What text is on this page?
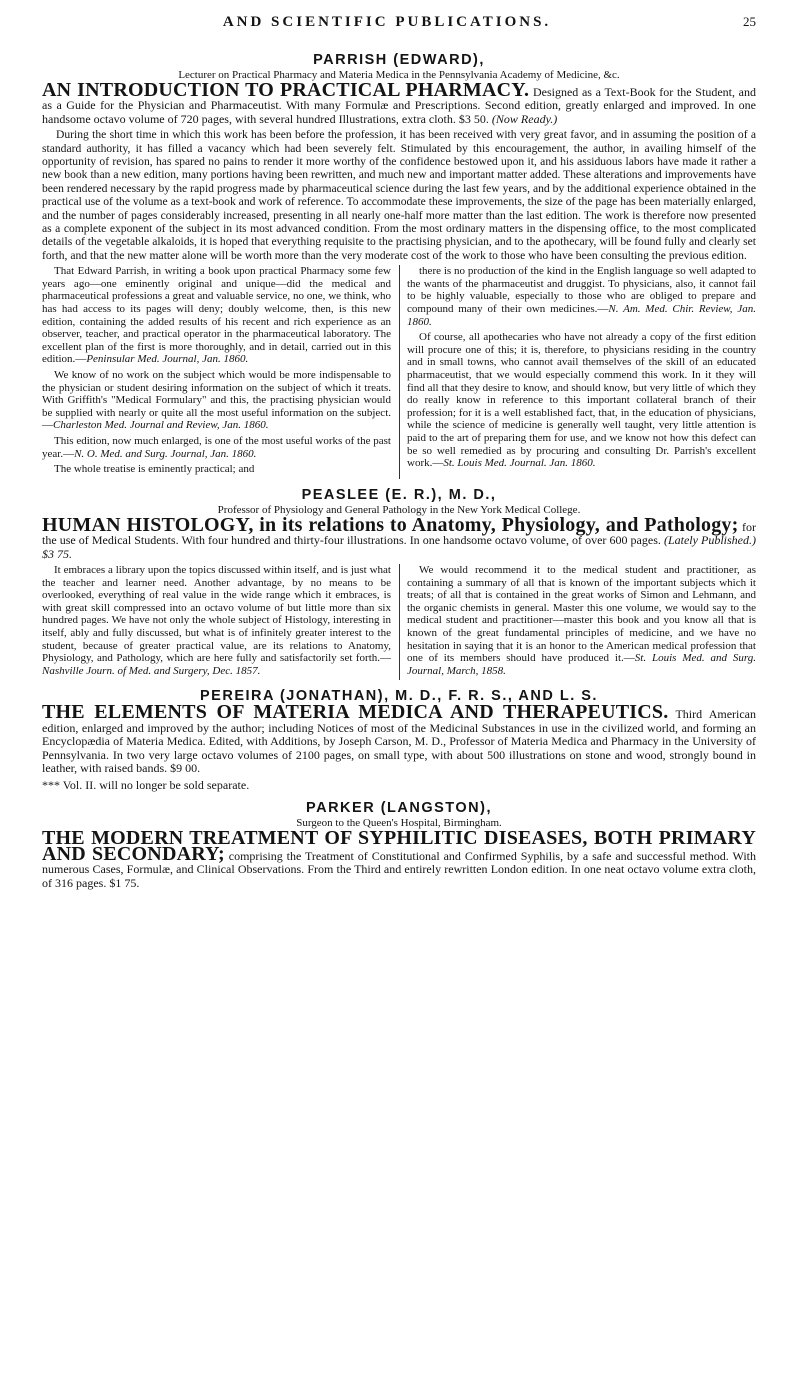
AND SCIENTIFIC PUBLICATIONS.	25
PARRISH (EDWARD),
Lecturer on Practical Pharmacy and Materia Medica in the Pennsylvania Academy of Medicine, &c.
AN INTRODUCTION TO PRACTICAL PHARMACY. Designed as a Text-Book for the Student, and as a Guide for the Physician and Pharmaceutist. With many Formulæ and Prescriptions. Second edition, greatly enlarged and improved. In one handsome octavo volume of 720 pages, with several hundred Illustrations, extra cloth. $3 50. (Now Ready.)
During the short time in which this work has been before the profession, it has been received with very great favor, and in assuming the position of a standard authority, it has filled a vacancy which had been severely felt. Stimulated by this encouragement, the author, in availing himself of the opportunity of revision, has spared no pains to render it more worthy of the confidence bestowed upon it, and his assiduous labors have made it rather a new book than a new edition, many portions having been rewritten, and much new and important matter added. These alterations and improvements have been rendered necessary by the rapid progress made by pharmaceutical science during the last few years, and by the additional experience obtained in the practical use of the volume as a text-book and work of reference. To accommodate these improvements, the size of the page has been materially enlarged, and the number of pages considerably increased, presenting in all nearly one-half more matter than the last edition. The work is therefore now presented as a complete exponent of the subject in its most advanced condition. From the most ordinary matters in the dispensing office, to the most complicated details of the vegetable alkaloids, it is hoped that everything requisite to the practising physician, and to the apothecary, will be found fully and clearly set forth, and that the new matter alone will be worth more than the very moderate cost of the work to those who have been consulting the previous edition.

That Edward Parrish, in writing a book upon practical Pharmacy some few years ago—one eminently original and unique—did the medical and pharmaceutical professions a great and valuable service, no one, we think, who has had access to its pages will deny; doubly welcome, then, is this new edition, containing the added results of his recent and rich experience as an observer, teacher, and practical operator in the pharmaceutical laboratory. The excellent plan of the first is more thoroughly, and in detail, carried out in this edition.—Peninsular Med. Journal, Jan. 1860.

We know of no work on the subject which would be more indispensable to the physician or student desiring information on the subject of which it treats. With Griffith's "Medical Formulary" and this, the practising physician would be supplied with nearly or quite all the most useful information on the subject.—Charleston Med. Journal and Review, Jan. 1860.

This edition, now much enlarged, is one of the most useful works of the past year.—N. O. Med. and Surg. Journal, Jan. 1860.

The whole treatise is eminently practical; and

there is no production of the kind in the English language so well adapted to the wants of the pharmaceutist and druggist. To physicians, also, it cannot fail to be highly valuable, especially to those who are obliged to prepare and compound many of their own medicines.—N. Am. Med. Chir. Review, Jan. 1860.

Of course, all apothecaries who have not already a copy of the first edition will procure one of this; it is, therefore, to physicians residing in the country and in small towns, who cannot avail themselves of the skill of an educated pharmaceutist, that we would especially commend this work. In it they will find all that they desire to know, and should know, but very little of which they do really know in reference to this important collateral branch of their profession; for it is a well established fact, that, in the education of physicians, while the science of medicine is generally well taught, very little attention is paid to the art of preparing them for use, and we know not how this defect can be so well remedied as by procuring and consulting Dr. Parrish's excellent work.—St. Louis Med. Journal. Jan. 1860.

PEASLEE (E. R.), M. D.,
Professor of Physiology and General Pathology in the New York Medical College.
HUMAN HISTOLOGY, in its relations to Anatomy, Physiology, and Pathology; for the use of Medical Students. With four hundred and thirty-four illustrations. In one handsome octavo volume, of over 600 pages. (Lately Published.) $3 75.

It embraces a library upon the topics discussed within itself, and is just what the teacher and learner need. Another advantage, by no means to be overlooked, everything of real value in the wide range which it embraces, is with great skill compressed into an octavo volume of but little more than six hundred pages. We have not only the whole subject of Histology, interesting in itself, ably and fully discussed, but what is of infinitely greater interest to the student, because of greater practical value, are its relations to Anatomy, Physiology, and Pathology, which are here fully and satisfactorily set forth.—Nashville Journ. of Med. and Surgery, Dec. 1857.

We would recommend it to the medical student and practitioner, as containing a summary of all that is known of the important subjects which it treats; of all that is contained in the great works of Simon and Lehmann, and the organic chemists in general. Master this one volume, we would say to the medical student and practitioner—master this book and you know all that is known of the great fundamental principles of medicine, and we have no hesitation in saying that it is an honor to the American medical profession that one of its members should have produced it.—St. Louis Med. and Surg. Journal, March, 1858.

PEREIRA (JONATHAN), M. D., F. R. S., AND L. S.
THE ELEMENTS OF MATERIA MEDICA AND THERAPEUTICS. Third American edition, enlarged and improved by the author; including Notices of most of the Medicinal Substances in use in the civilized world, and forming an Encyclopædia of Materia Medica. Edited, with Additions, by Joseph Carson, M. D., Professor of Materia Medica and Pharmacy in the University of Pennsylvania. In two very large octavo volumes of 2100 pages, on small type, with about 500 illustrations on stone and wood, strongly bound in leather, with raised bands. $9 00.
*** Vol. II. will no longer be sold separate.
PARKER (LANGSTON),
Surgeon to the Queen's Hospital, Birmingham.
THE MODERN TREATMENT OF SYPHILITIC DISEASES, BOTH PRIMARY AND SECONDARY; comprising the Treatment of Constitutional and Confirmed Syphilis, by a safe and successful method. With numerous Cases, Formulæ, and Clinical Observations. From the Third and entirely rewritten London edition. In one neat octavo volume extra cloth, of 316 pages. $1 75.
